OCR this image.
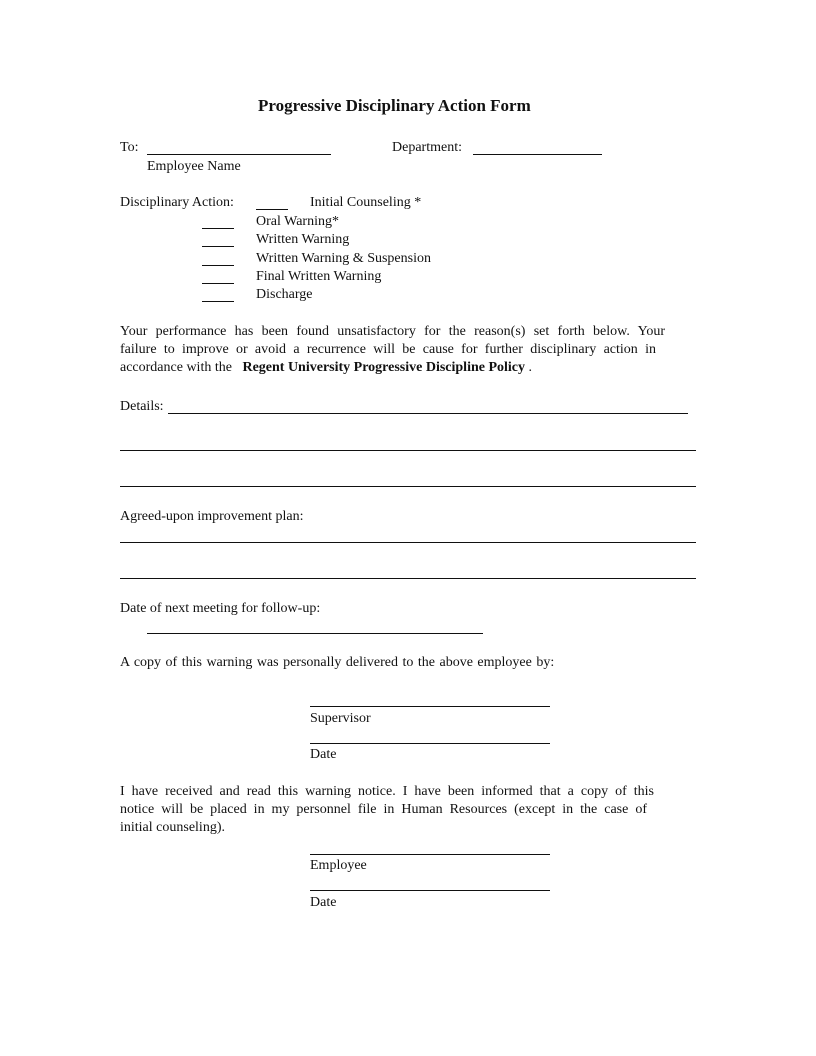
Progressive Disciplinary Action Form
To:
Employee Name
Department:
Disciplinary Action:	Initial Counseling *
Oral Warning*
Written Warning
Written Warning & Suspension
Final Written Warning
Discharge
Your performance has been found unsatisfactory for the reason(s) set forth below. Your
failure to improve or avoid a recurrence will be cause for further disciplinary action in
accordance with the Regent University Progressive Discipline Policy .
Details:
Agreed-upon improvement plan:
Date of next meeting for follow-up:
A copy of this warning was personally delivered to the above employee by:
Supervisor
Date
I have received and read this warning notice. I have been informed that a copy of this
notice will be placed in my personnel file in Human Resources (except in the case of
initial counseling).
Employee
Date
